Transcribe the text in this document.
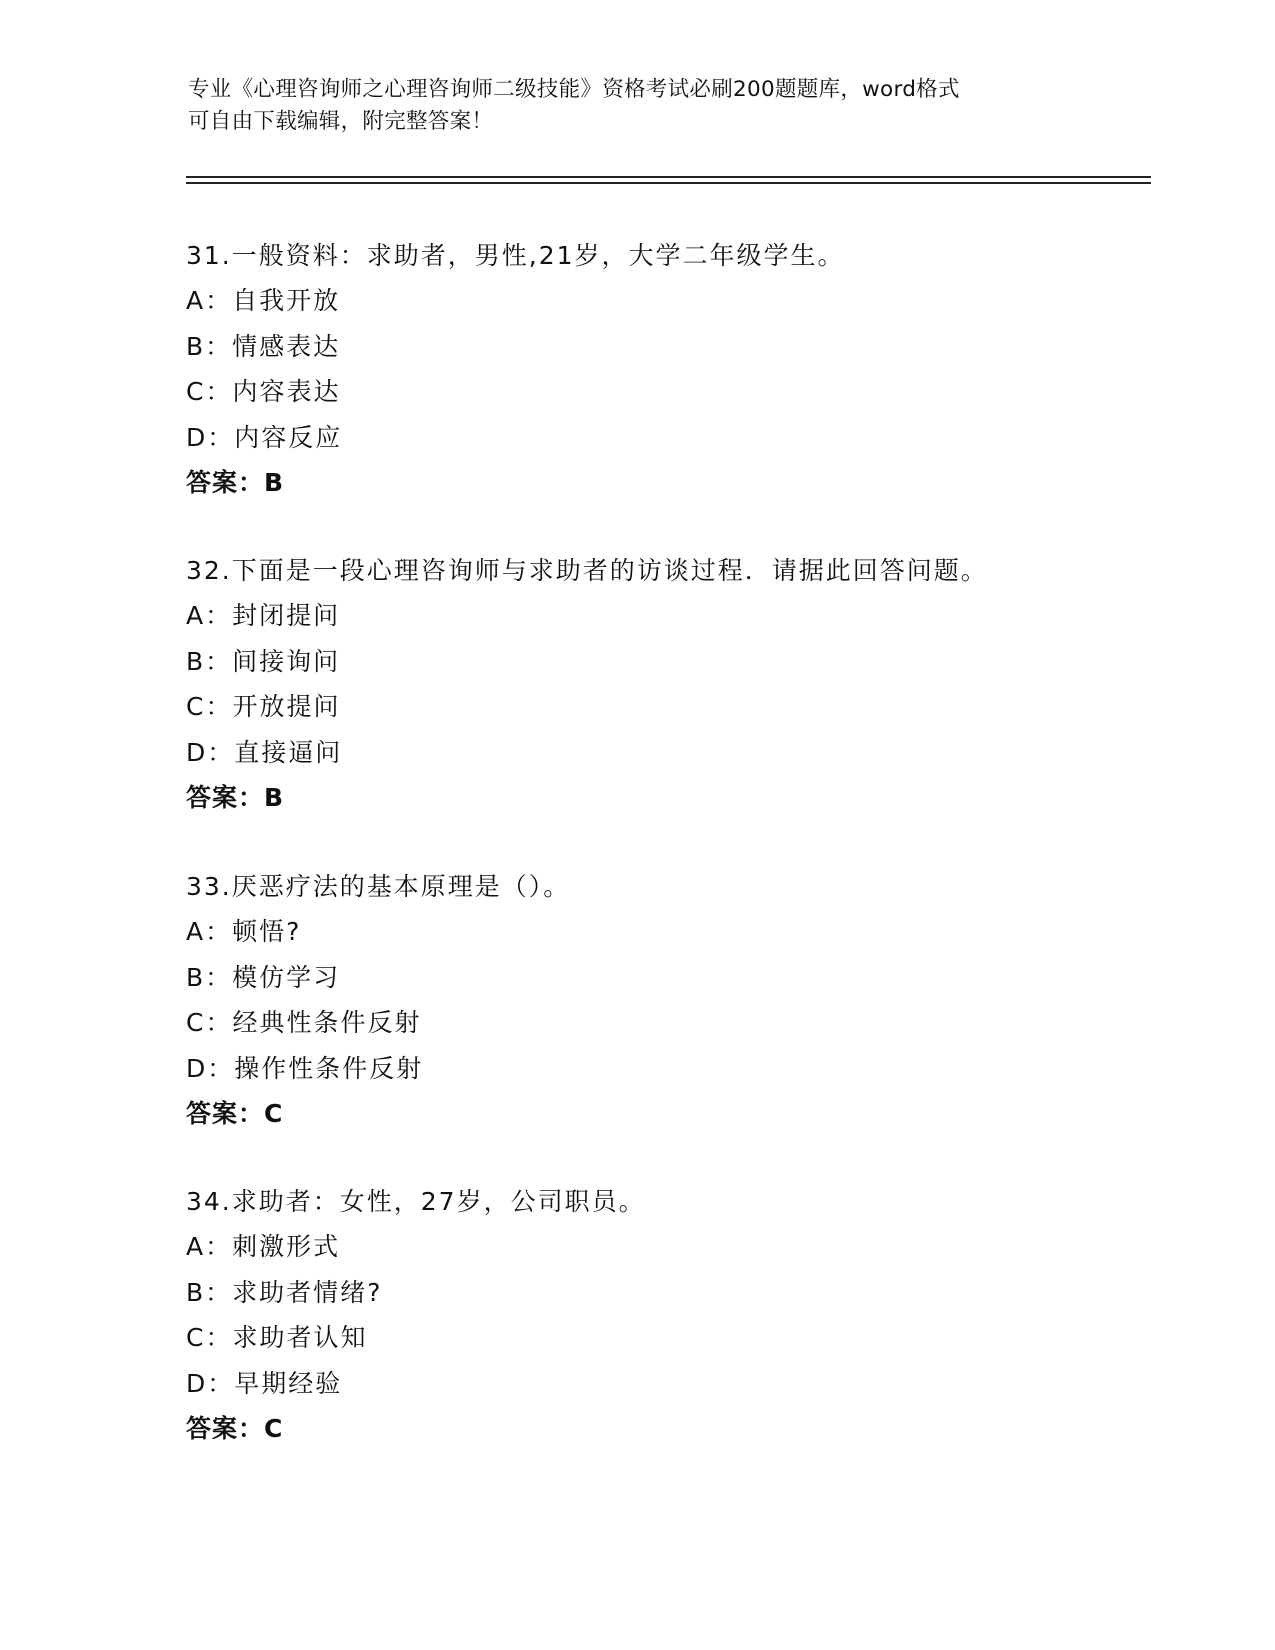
专业《心理咨询师之心理咨询师二级技能》资格考试必刷200题题库，word格式
可自由下载编辑，附完整答案！
31.一般资料：求助者，男性,21岁，大学二年级学生。
A：自我开放
B：情感表达
C：内容表达
D：内容反应
答案：B
32.下面是一段心理咨询师与求助者的访谈过程．请据此回答问题。
A：封闭提问
B：间接询问
C：开放提问
D：直接逼问
答案：B
33.厌恶疗法的基本原理是（）。
A：顿悟?
B：模仿学习
C：经典性条件反射
D：操作性条件反射
答案：C
34.求助者：女性，27岁，公司职员。
A：刺激形式
B：求助者情绪?
C：求助者认知
D：早期经验
答案：C
